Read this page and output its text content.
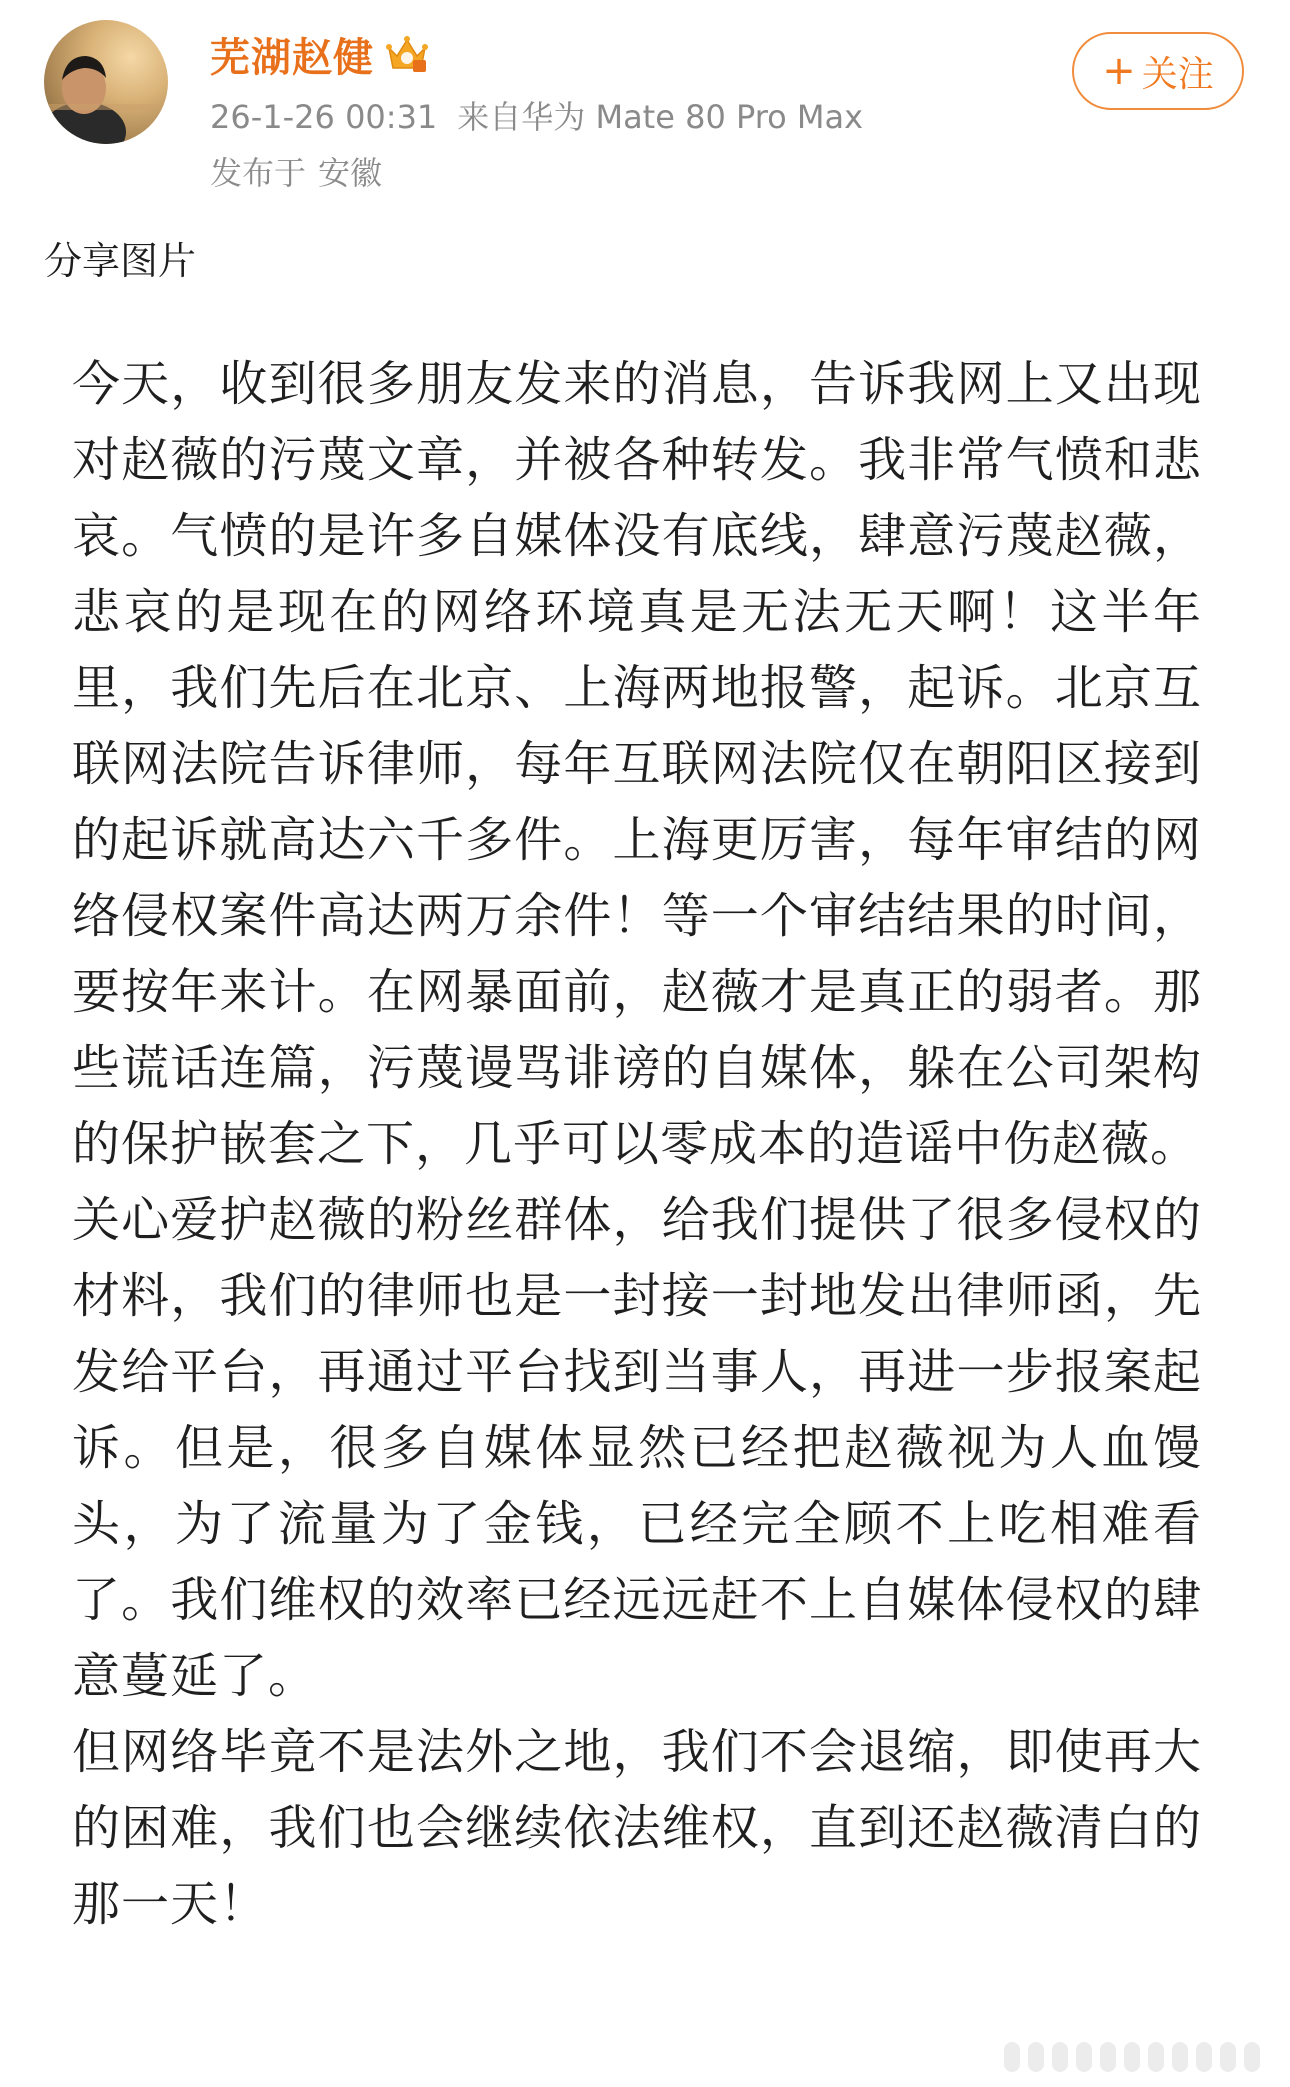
芜湖赵健
26-1-26 00:31 来自华为 Mate 80 Pro Max
发布于 安徽
+ 关注
分享图片

今天，收到很多朋友发来的消息，告诉我网上又出现对赵薇的污蔑文章，并被各种转发。我非常气愤和悲哀。气愤的是许多自媒体没有底线，肆意污蔑赵薇，悲哀的是现在的网络环境真是无法无天啊！这半年里，我们先后在北京、上海两地报警，起诉。北京互联网法院告诉律师，每年互联网法院仅在朝阳区接到的起诉就高达六千多件。上海更厉害，每年审结的网络侵权案件高达两万余件！等一个审结结果的时间，要按年来计。在网暴面前，赵薇才是真正的弱者。那些谎话连篇，污蔑谩骂诽谤的自媒体，躲在公司架构的保护嵌套之下，几乎可以零成本的造谣中伤赵薇。

关心爱护赵薇的粉丝群体，给我们提供了很多侵权的材料，我们的律师也是一封接一封地发出律师函，先发给平台，再通过平台找到当事人，再进一步报案起诉。但是，很多自媒体显然已经把赵薇视为人血馒头，为了流量为了金钱，已经完全顾不上吃相难看了。我们维权的效率已经远远赶不上自媒体侵权的肆意蔓延了。

但网络毕竟不是法外之地，我们不会退缩，即使再大的困难，我们也会继续依法维权，直到还赵薇清白的那一天！
